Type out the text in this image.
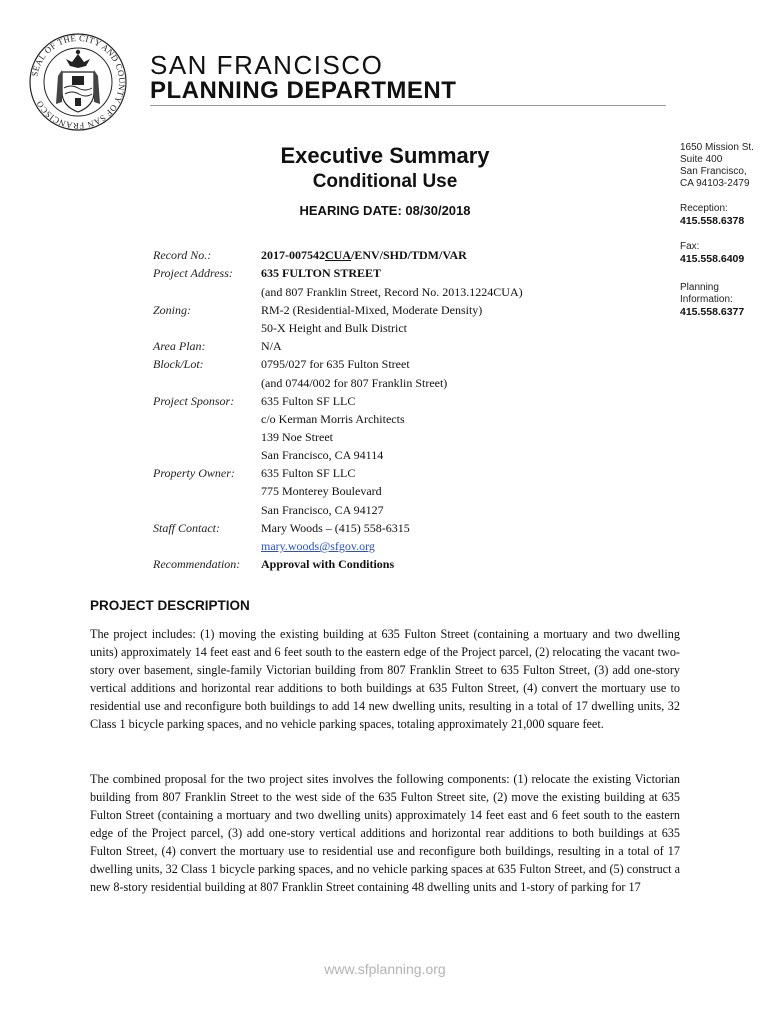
SEAL OF THE CITY AND COUNTY OF SAN FRANCISCO
SAN FRANCISCO
PLANNING DEPARTMENT
Executive Summary
Conditional Use
HEARING DATE: 08/30/2018
1650 Mission St.
Suite 400
San Francisco,
CA 94103-2479
Reception:
415.558.6378
Fax:
415.558.6409
Planning
Information:
415.558.6377
Record No.:
Project Address:
Zoning:
Area Plan:
Block/Lot:
Project Sponsor:
Property Owner:
Staff Contact:
Recommendation:
2017-007542CUA/ENV/SHD/TDM/VAR
635 FULTON STREET
(and 807 Franklin Street, Record No. 2013.1224CUA)
RM-2 (Residential-Mixed, Moderate Density)
50-X Height and Bulk District
N/A
0795/027 for 635 Fulton Street
(and 0744/002 for 807 Franklin Street)
635 Fulton SF LLC
c/o Kerman Morris Architects
139 Noe Street
San Francisco, CA 94114
635 Fulton SF LLC
775 Monterey Boulevard
San Francisco, CA 94127
Mary Woods – (415) 558-6315
mary.woods@sfgov.org
Approval with Conditions
PROJECT DESCRIPTION

The project includes: (1) moving the existing building at 635 Fulton Street (containing a mortuary and two dwelling units) approximately 14 feet east and 6 feet south to the eastern edge of the Project parcel, (2) relocating the vacant two-story over basement, single-family Victorian building from 807 Franklin Street to 635 Fulton Street, (3) add one-story vertical additions and horizontal rear additions to both buildings at 635 Fulton Street, (4) convert the mortuary use to residential use and reconfigure both buildings to add 14 new dwelling units, resulting in a total of 17 dwelling units, 32 Class 1 bicycle parking spaces, and no vehicle parking spaces, totaling approximately 21,000 square feet.

The combined proposal for the two project sites involves the following components: (1) relocate the existing Victorian building from 807 Franklin Street to the west side of the 635 Fulton Street site, (2) move the existing building at 635 Fulton Street (containing a mortuary and two dwelling units) approximately 14 feet east and 6 feet south to the eastern edge of the Project parcel, (3) add one-story vertical additions and horizontal rear additions to both buildings at 635 Fulton Street, (4) convert the mortuary use to residential use and reconfigure both buildings, resulting in a total of 17 dwelling units, 32 Class 1 bicycle parking spaces, and no vehicle parking spaces at 635 Fulton Street, and (5) construct a new 8-story residential building at 807 Franklin Street containing 48 dwelling units and 1-story of parking for 17

www.sfplanning.org
